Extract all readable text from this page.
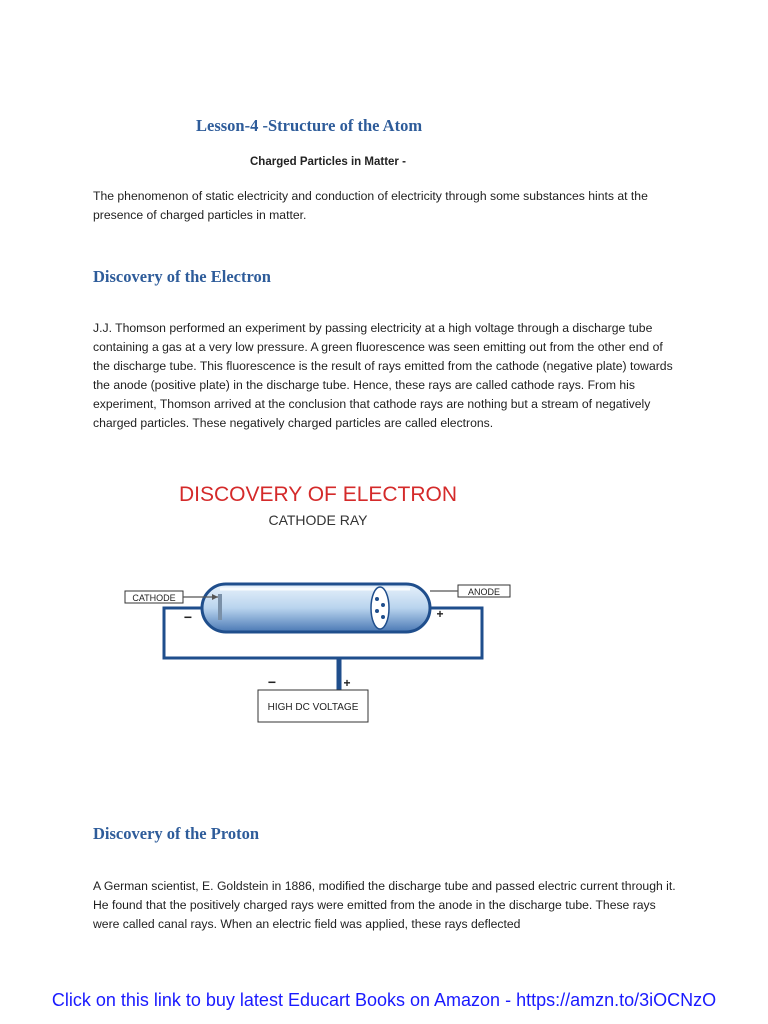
Lesson-4 -Structure of the Atom
Charged Particles in Matter -
The phenomenon of static electricity and conduction of electricity through some substances hints at the presence of charged particles in matter.
Discovery of the Electron
J.J. Thomson performed an experiment by passing electricity at a high voltage through a discharge tube containing a gas at a very low pressure. A green fluorescence was seen emitting out from the other end of the discharge tube. This fluorescence is the result of rays emitted from the cathode (negative plate) towards the anode (positive plate) in the discharge tube. Hence, these rays are called cathode rays. From his experiment, Thomson arrived at the conclusion that cathode rays are nothing but a stream of negatively charged particles. These negatively charged particles are called electrons.
DISCOVERY OF ELECTRON
CATHODE RAY
CATHODE
ANODE
−	+
HIGH DC VOLTAGE
−	+
Discovery of the Proton
A German scientist, E. Goldstein in 1886, modified the discharge tube and passed electric current through it. He found that the positively charged rays were emitted from the anode in the discharge tube. These rays were called canal rays. When an electric field was applied, these rays deflected
Click on this link to buy latest Educart Books on Amazon - https://amzn.to/3iOCNzO
